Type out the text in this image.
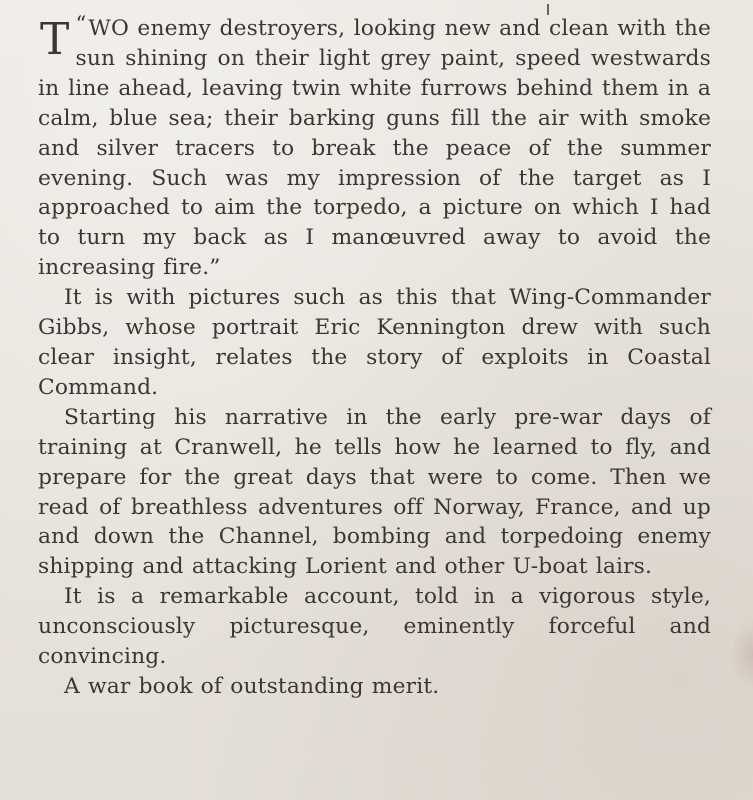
“
T WO enemy destroyers, looking new and clean with the sun shining on their light grey paint, speed westwards in line ahead, leaving twin white furrows behind them in a calm, blue sea; their barking guns fill the air with smoke and silver tracers to break the peace of the summer evening. Such was my impression of the target as I approached to aim the torpedo, a picture on which I had to turn my back as I manœuvred away to avoid the increasing fire.”

It is with pictures such as this that Wing-Commander Gibbs, whose portrait Eric Kennington drew with such clear insight, relates the story of exploits in Coastal Command.

Starting his narrative in the early pre-war days of training at Cranwell, he tells how he learned to fly, and prepare for the great days that were to come. Then we read of breathless adventures off Norway, France, and up and down the Channel, bombing and torpedoing enemy shipping and attacking Lorient and other U-boat lairs.

It is a remarkable account, told in a vigorous style, unconsciously picturesque, eminently forceful and convincing.

A war book of outstanding merit.
